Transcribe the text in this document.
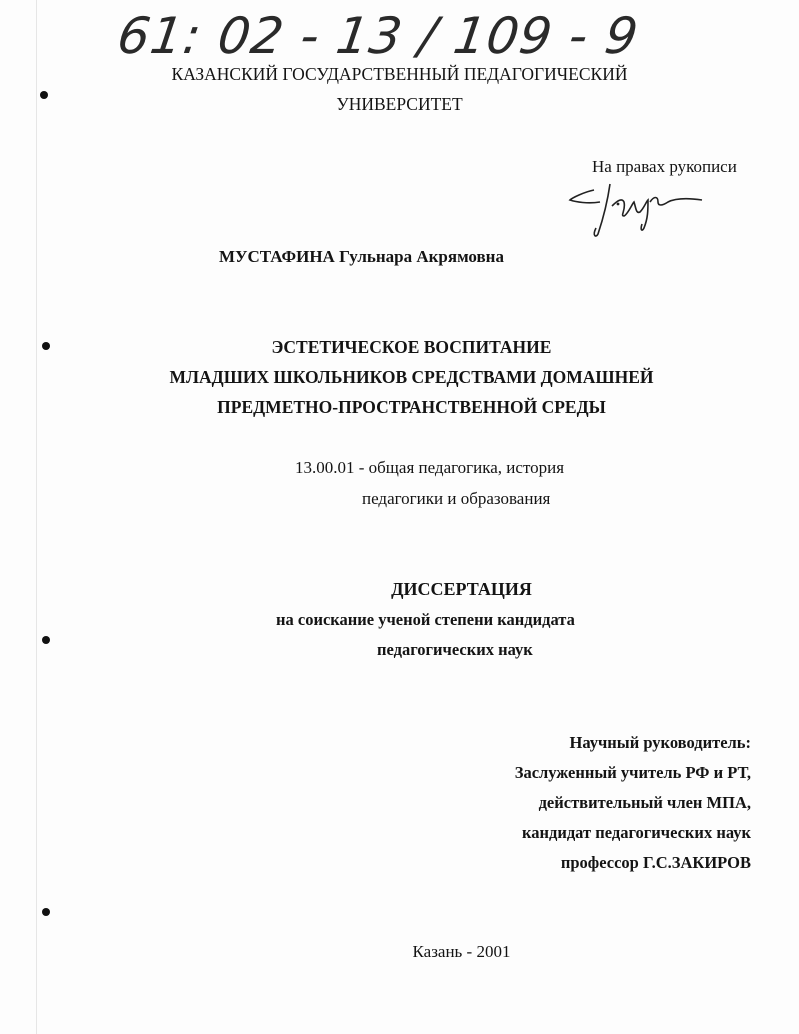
61: 02 - 13 / 109 - 9
КАЗАНСКИЙ ГОСУДАРСТВЕННЫЙ ПЕДАГОГИЧЕСКИЙ
УНИВЕРСИТЕТ
На правах рукописи
МУСТАФИНА Гульнара Акрямовна
ЭСТЕТИЧЕСКОЕ ВОСПИТАНИЕ
МЛАДШИХ ШКОЛЬНИКОВ СРЕДСТВАМИ ДОМАШНЕЙ
ПРЕДМЕТНО-ПРОСТРАНСТВЕННОЙ СРЕДЫ
13.00.01 - общая педагогика, история
педагогики и образования
ДИССЕРТАЦИЯ
на соискание ученой степени кандидата
педагогических наук
Научный руководитель:
Заслуженный учитель РФ и РТ,
действительный член МПА,
кандидат педагогических наук
профессор Г.С.ЗАКИРОВ
Казань - 2001
